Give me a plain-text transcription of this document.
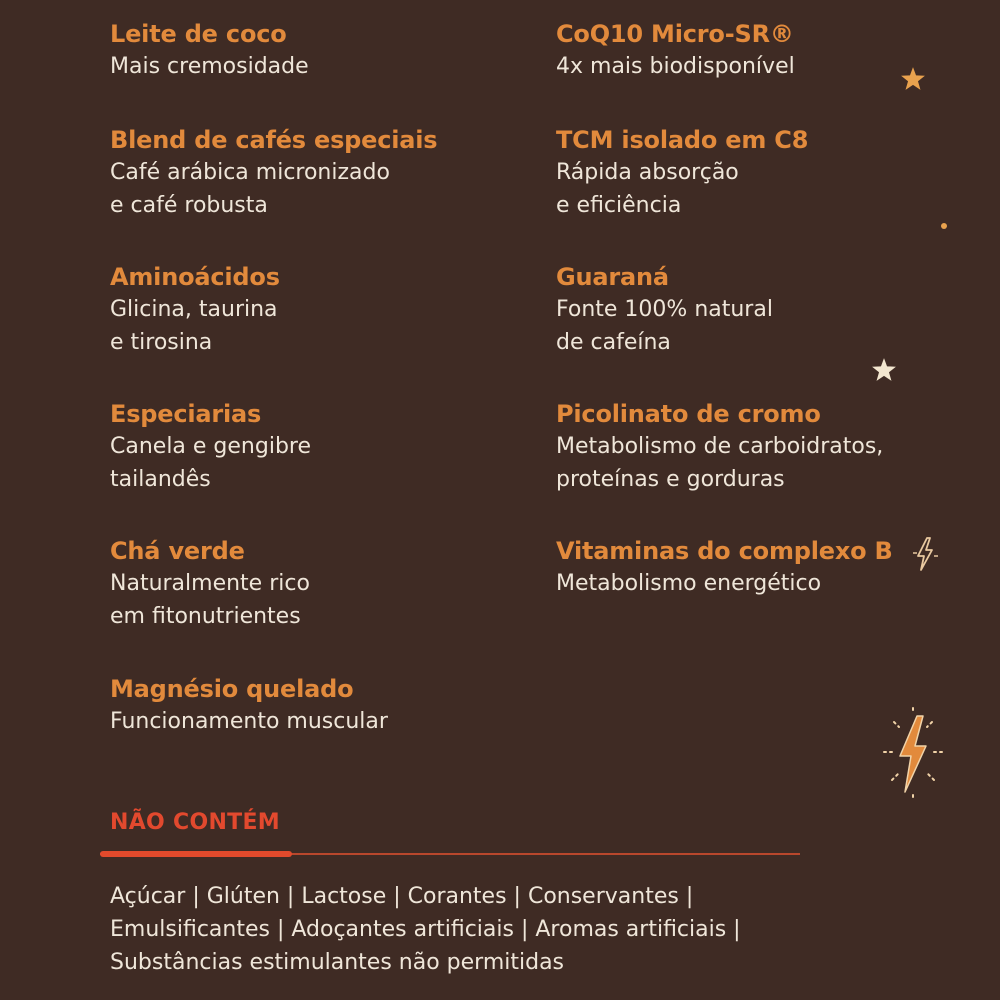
Leite de coco
Mais cremosidade
Blend de cafés especiais
Café arábica micronizado
e café robusta
Aminoácidos
Glicina, taurina
e tirosina
Especiarias
Canela e gengibre
tailandês
Chá verde
Naturalmente rico
em fitonutrientes
Magnésio quelado
Funcionamento muscular
CoQ10 Micro-SR®
4x mais biodisponível
TCM isolado em C8
Rápida absorção
e eficiência
Guaraná
Fonte 100% natural
de cafeína
Picolinato de cromo
Metabolismo de carboidratos,
proteínas e gorduras
Vitaminas do complexo B
Metabolismo energético
NÃO CONTÉM
Açúcar | Glúten | Lactose | Corantes | Conservantes |
Emulsificantes | Adoçantes artificiais | Aromas artificiais |
Substâncias estimulantes não permitidas
